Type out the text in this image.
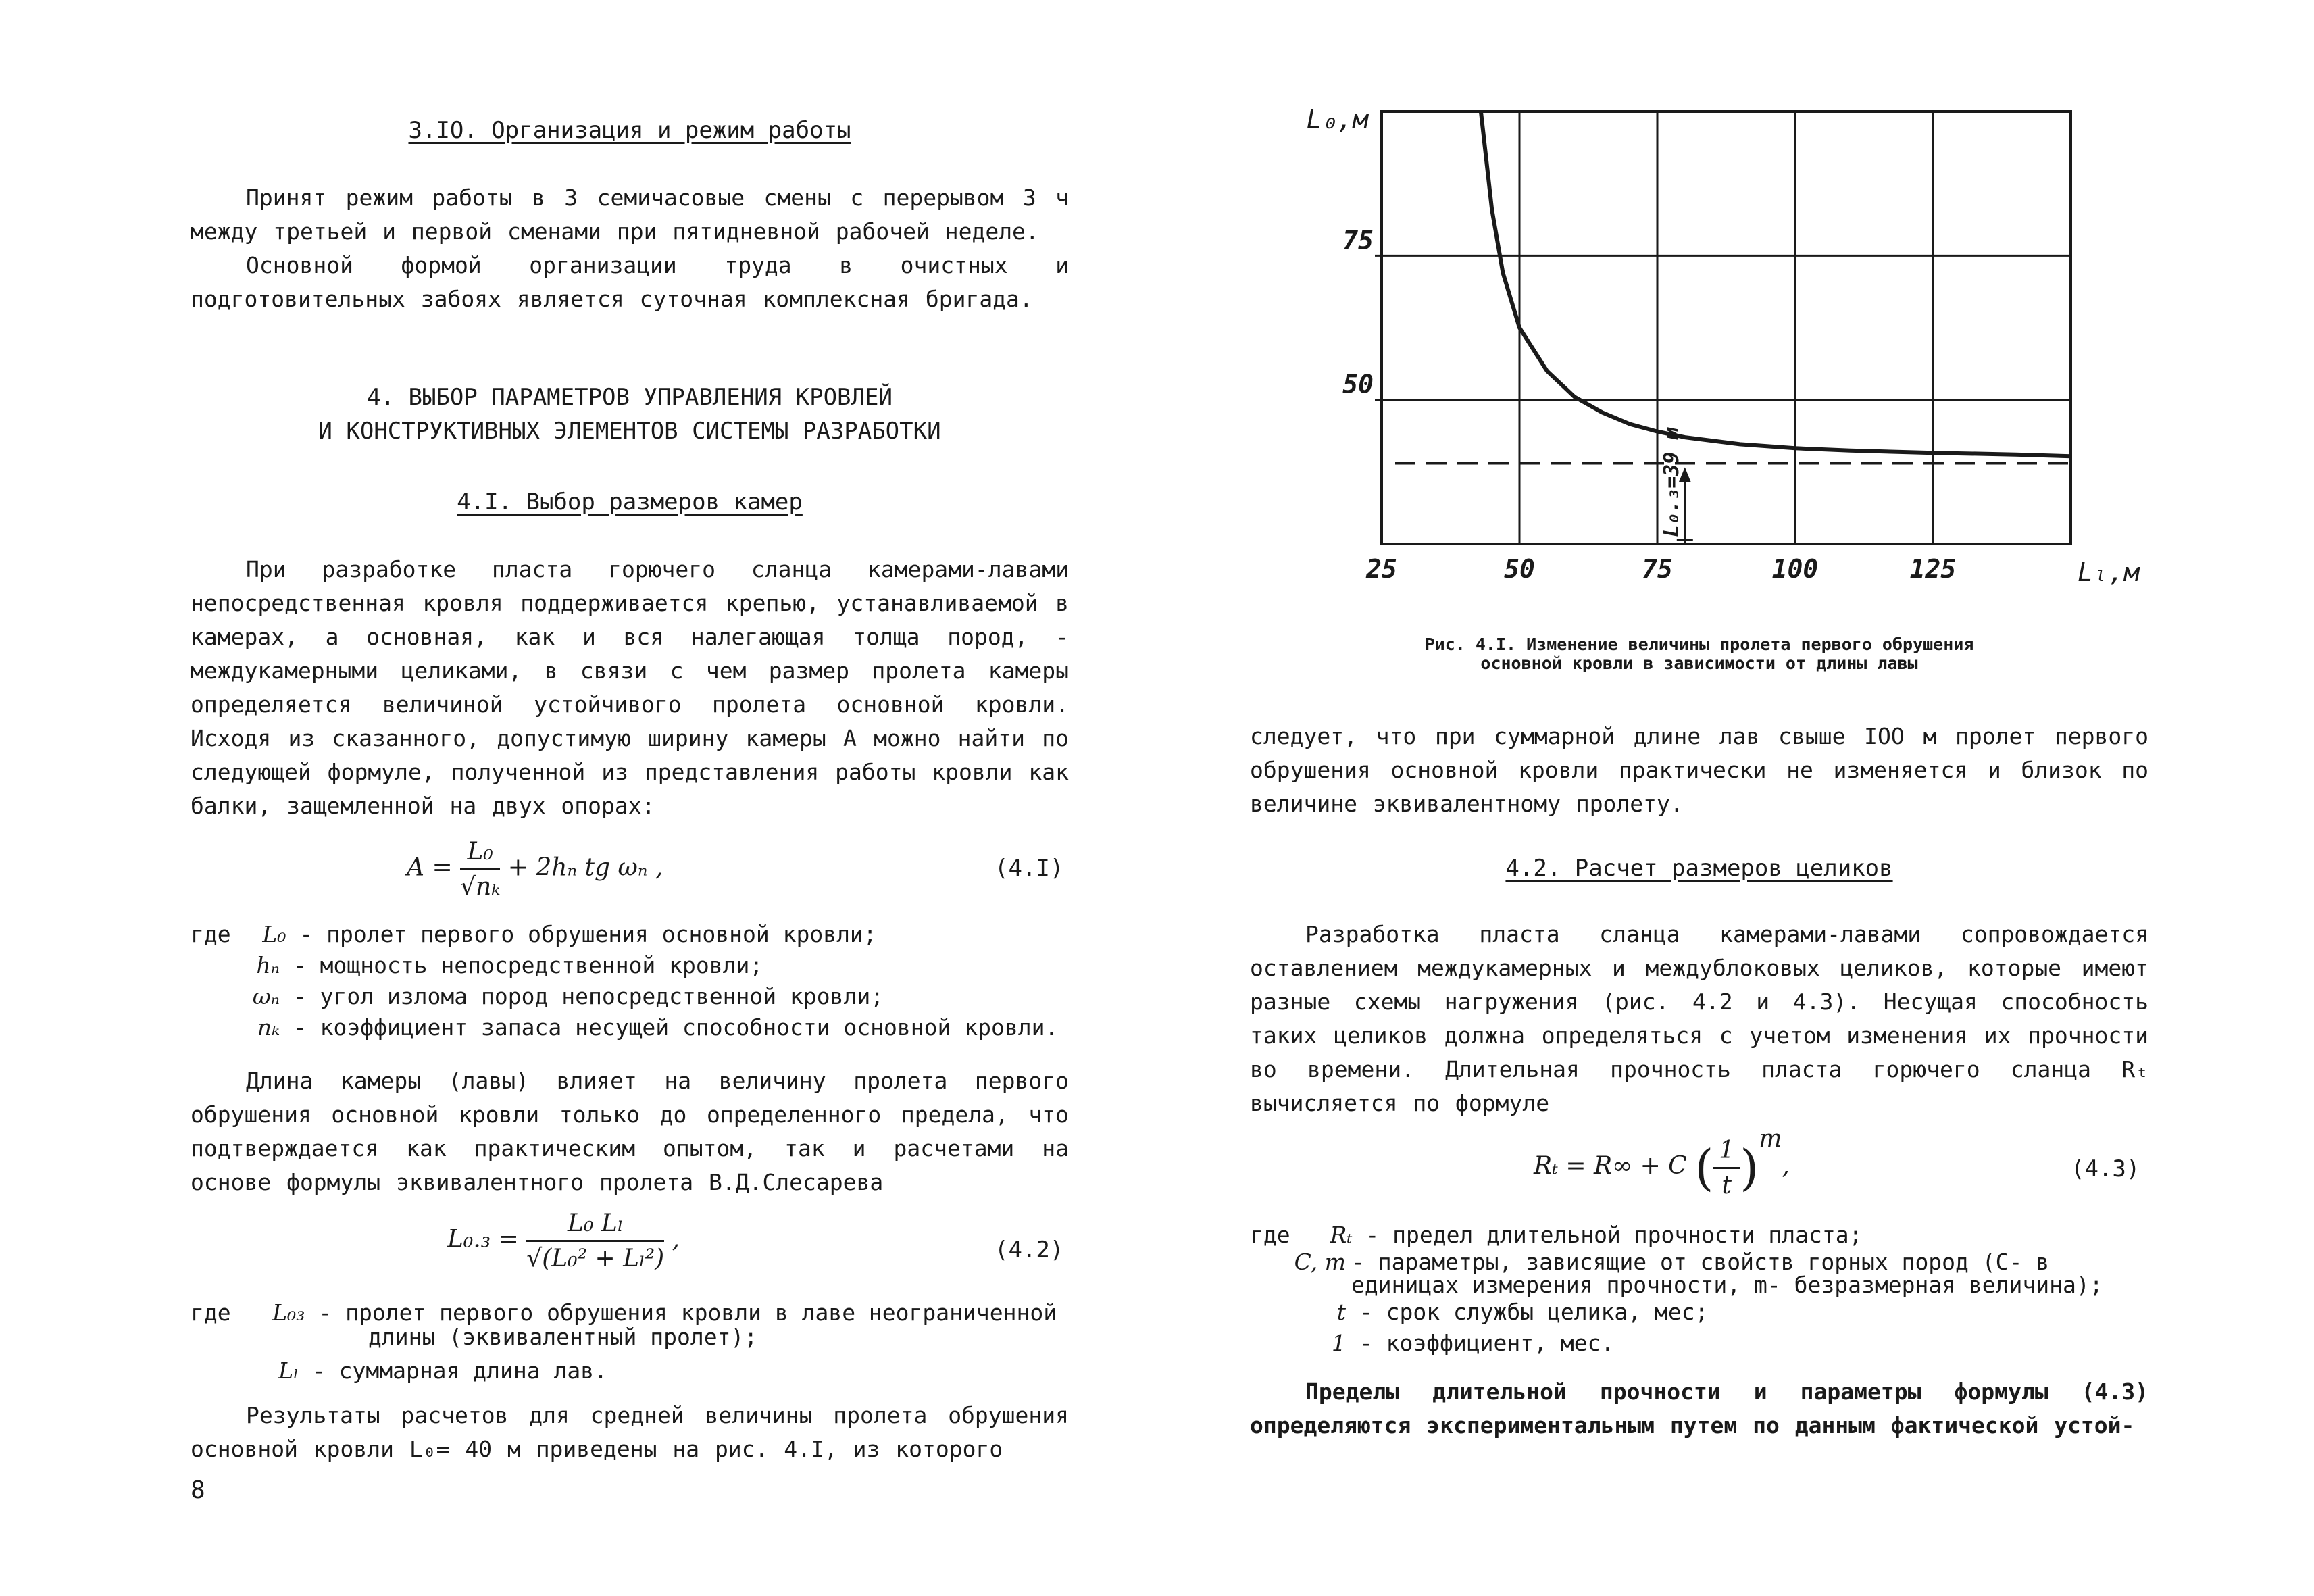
3.IO. Организация и режим работы

Принят режим работы в 3 семичасовые смены с перерывом 3 ч между третьей и первой сменами при пятидневной рабочей неделе.

Основной формой организации труда в очистных и подготовительных забоях является суточная комплексная бригада.

4. ВЫБОР ПАРАМЕТРОВ УПРАВЛЕНИЯ КРОВЛЕЙ
И КОНСТРУКТИВНЫХ ЭЛЕМЕНТОВ СИСТЕМЫ РАЗРАБОТКИ
4.I. Выбор размеров камер

При разработке пласта горючего сланца камерами-лавами непосредственная кровля поддерживается крепью, устанавливаемой в камерах, а основная, как и вся налегающая толща пород, - междукамерными целиками, в связи с чем размер пролета камеры определяется величиной устойчивого пролета основной кровли. Исходя из сказанного, допустимую ширину камеры А можно найти по следующей формуле, полученной из представления работы кровли как балки, защемленной на двух опорах:

$A = \frac{\text{L₀}}{\text{√nₖ}} + 2h_n$ tg ωₙ ,	(4.I)
где L₀ - пролет первого обрушения основной кровли;
hₙ - мощность непосредственной кровли;
ωₙ - угол излома пород непосредственной кровли;
nₖ - коэффициент запаса несущей способности основной кровли.

Длина камеры (лавы) влияет на величину пролета первого обрушения основной кровли только до определенного предела, что подтверждается как практическим опытом, так и расчетами на основе формулы эквивалентного пролета В.Д.Слесарева

$L_0._3 = \frac{\text{L₀ Lₗ}}{\text{√(L₀² + Lₗ²)}}$ ,	(4.2)
где L₀₃ - пролет первого обрушения кровли в лаве неограниченной
длины (эквивалентный пролет);
Lₗ - суммарная длина лав.

Результаты расчетов для средней величины пролета обрушения основной кровли L₀= 40 м приведены на рис. 4.I, из которого

8
25	50	75	100	125
50
75
L₀,м
Lₗ,м
L₀.₃=39 м
Рис. 4.I. Изменение величины пролета первого обрушения
основной кровли в зависимости от длины лавы

следует, что при суммарной длине лав свыше IOO м пролет первого обрушения основной кровли практически не изменяется и близок по величине эквивалентному пролету.

4.2. Расчет размеров целиков

Разработка пласта сланца камерами-лавами сопровождается оставлением междукамерных и междублоковых целиков, которые имеют разные схемы нагружения (рис. 4.2 и 4.3). Несущая способность таких целиков должна определяться с учетом изменения их прочности во времени. Длительная прочность пласта горючего сланца Rₜ вычисляется по формуле

Rₜ = R∞ + C ( $\frac{1}{t} )^m$,	(4.3)
где Rₜ - предел длительной прочности пласта;
C, m - параметры, зависящие от свойств горных пород (C- в единицах измерения прочности, m- безразмерная величина);
t - срок службы целика, мес;
1 - коэффициент, мес.

Пределы длительной прочности и параметры формулы (4.3) определяются экспериментальным путем по данным фактической устой-
